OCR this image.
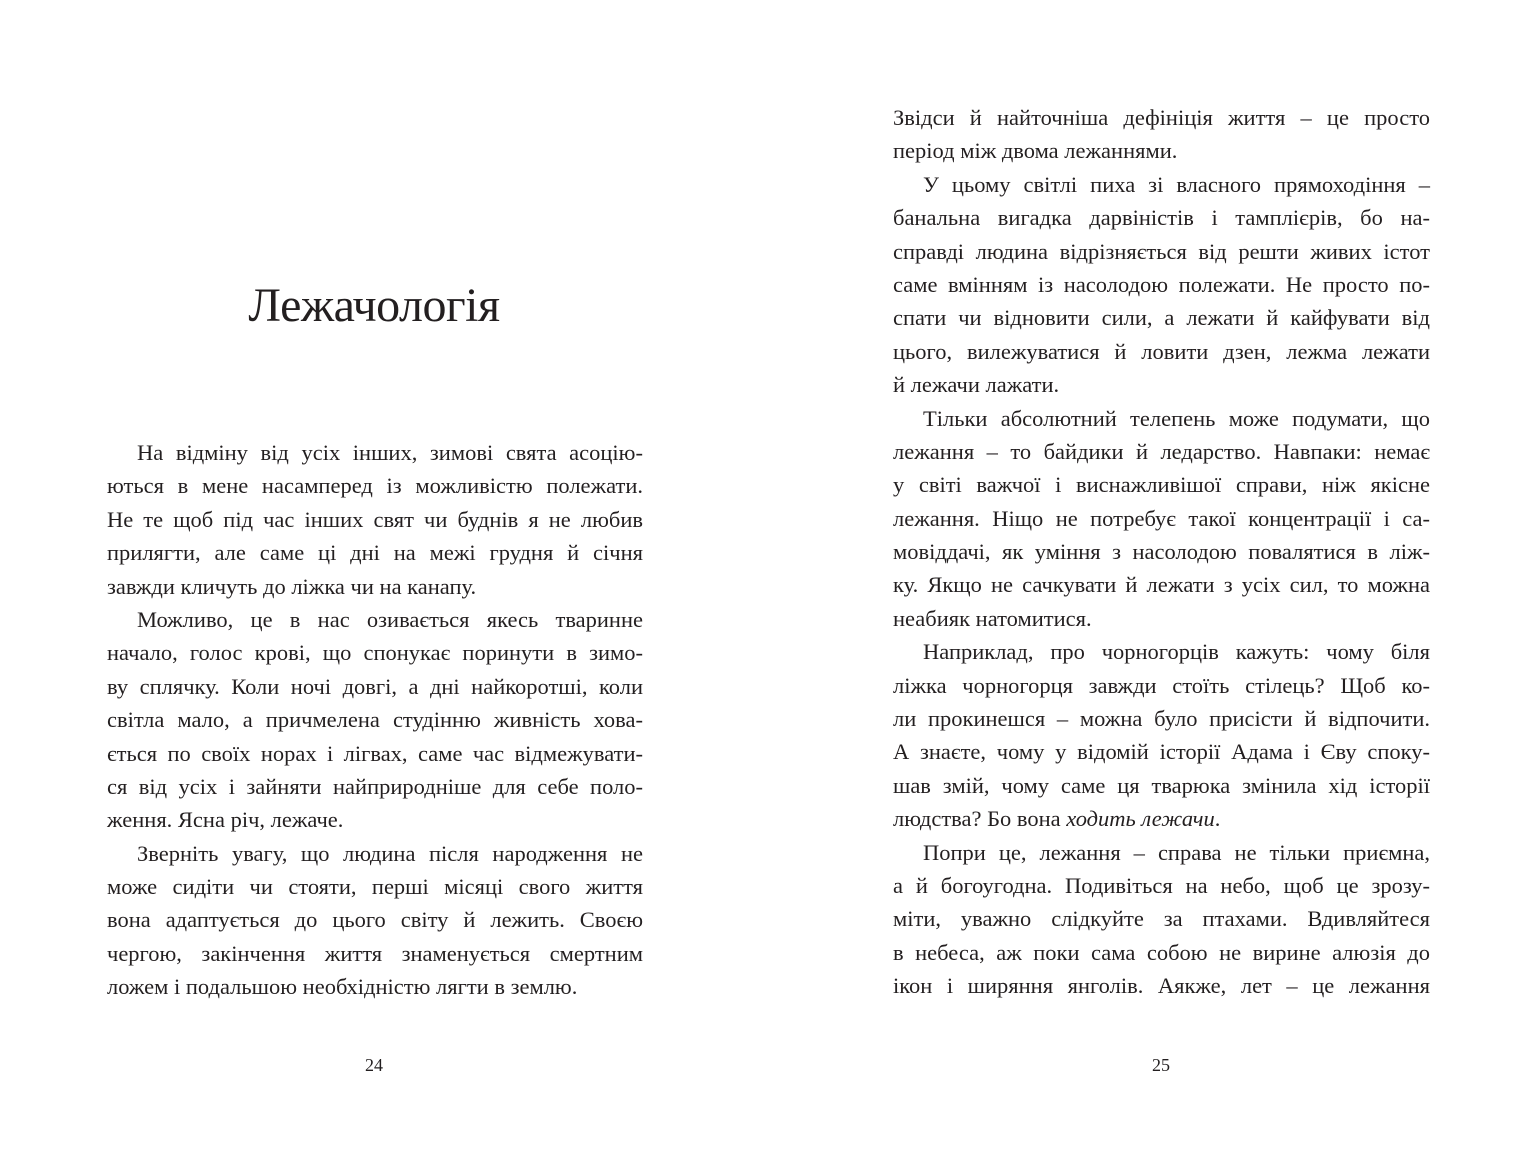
Лежачологія
На відміну від усіх інших, зимові свята асоцію-
ються в мене насамперед із можливістю полежати.
Не те щоб під час інших свят чи буднів я не любив
прилягти, але саме ці дні на межі грудня й січня
завжди кличуть до ліжка чи на канапу.
Можливо, це в нас озивається якесь тваринне
начало, голос крові, що спонукає поринути в зимо-
ву сплячку. Коли ночі довгі, а дні найкоротші, коли
світла мало, а причмелена студінню живність хова-
ється по своїх норах і лігвах, саме час відмежувати-
ся від усіх і зайняти найприродніше для себе поло-
ження. Ясна річ, лежаче.
Зверніть увагу, що людина після народження не
може сидіти чи стояти, перші місяці свого життя
вона адаптується до цього світу й лежить. Своєю
чергою, закінчення життя знаменується смертним
ложем і подальшою необхідністю лягти в землю.
24
Звідси й найточніша дефініція життя – це просто
період між двома лежаннями.
У цьому світлі пиха зі власного прямоходіння –
банальна вигадка дарвіністів і тамплієрів, бо на-
справді людина відрізняється від решти живих істот
саме вмінням із насолодою полежати. Не просто по-
спати чи відновити сили, а лежати й кайфувати від
цього, вилежуватися й ловити дзен, лежма лежати
й лежачи лажати.
Тільки абсолютний телепень може подумати, що
лежання – то байдики й ледарство. Навпаки: немає
у світі важчої і виснажливішої справи, ніж якісне
лежання. Ніщо не потребує такої концентрації і са-
мовіддачі, як уміння з насолодою повалятися в ліж-
ку. Якщо не сачкувати й лежати з усіх сил, то можна
неабияк натомитися.
Наприклад, про чорногорців кажуть: чому біля
ліжка чорногорця завжди стоїть стілець? Щоб ко-
ли прокинешся – можна було присісти й відпочити.
А знаєте, чому у відомій історії Адама і Єву споку-
шав змій, чому саме ця тварюка змінила хід історії
людства? Бо вона ходить лежачи.
Попри це, лежання – справа не тільки приємна,
а й богоугодна. Подивіться на небо, щоб це зрозу-
міти, уважно слідкуйте за птахами. Вдивляйтеся
в небеса, аж поки сама собою не вирине алюзія до
ікон і ширяння янголів. Аякже, лет – це лежання
25
